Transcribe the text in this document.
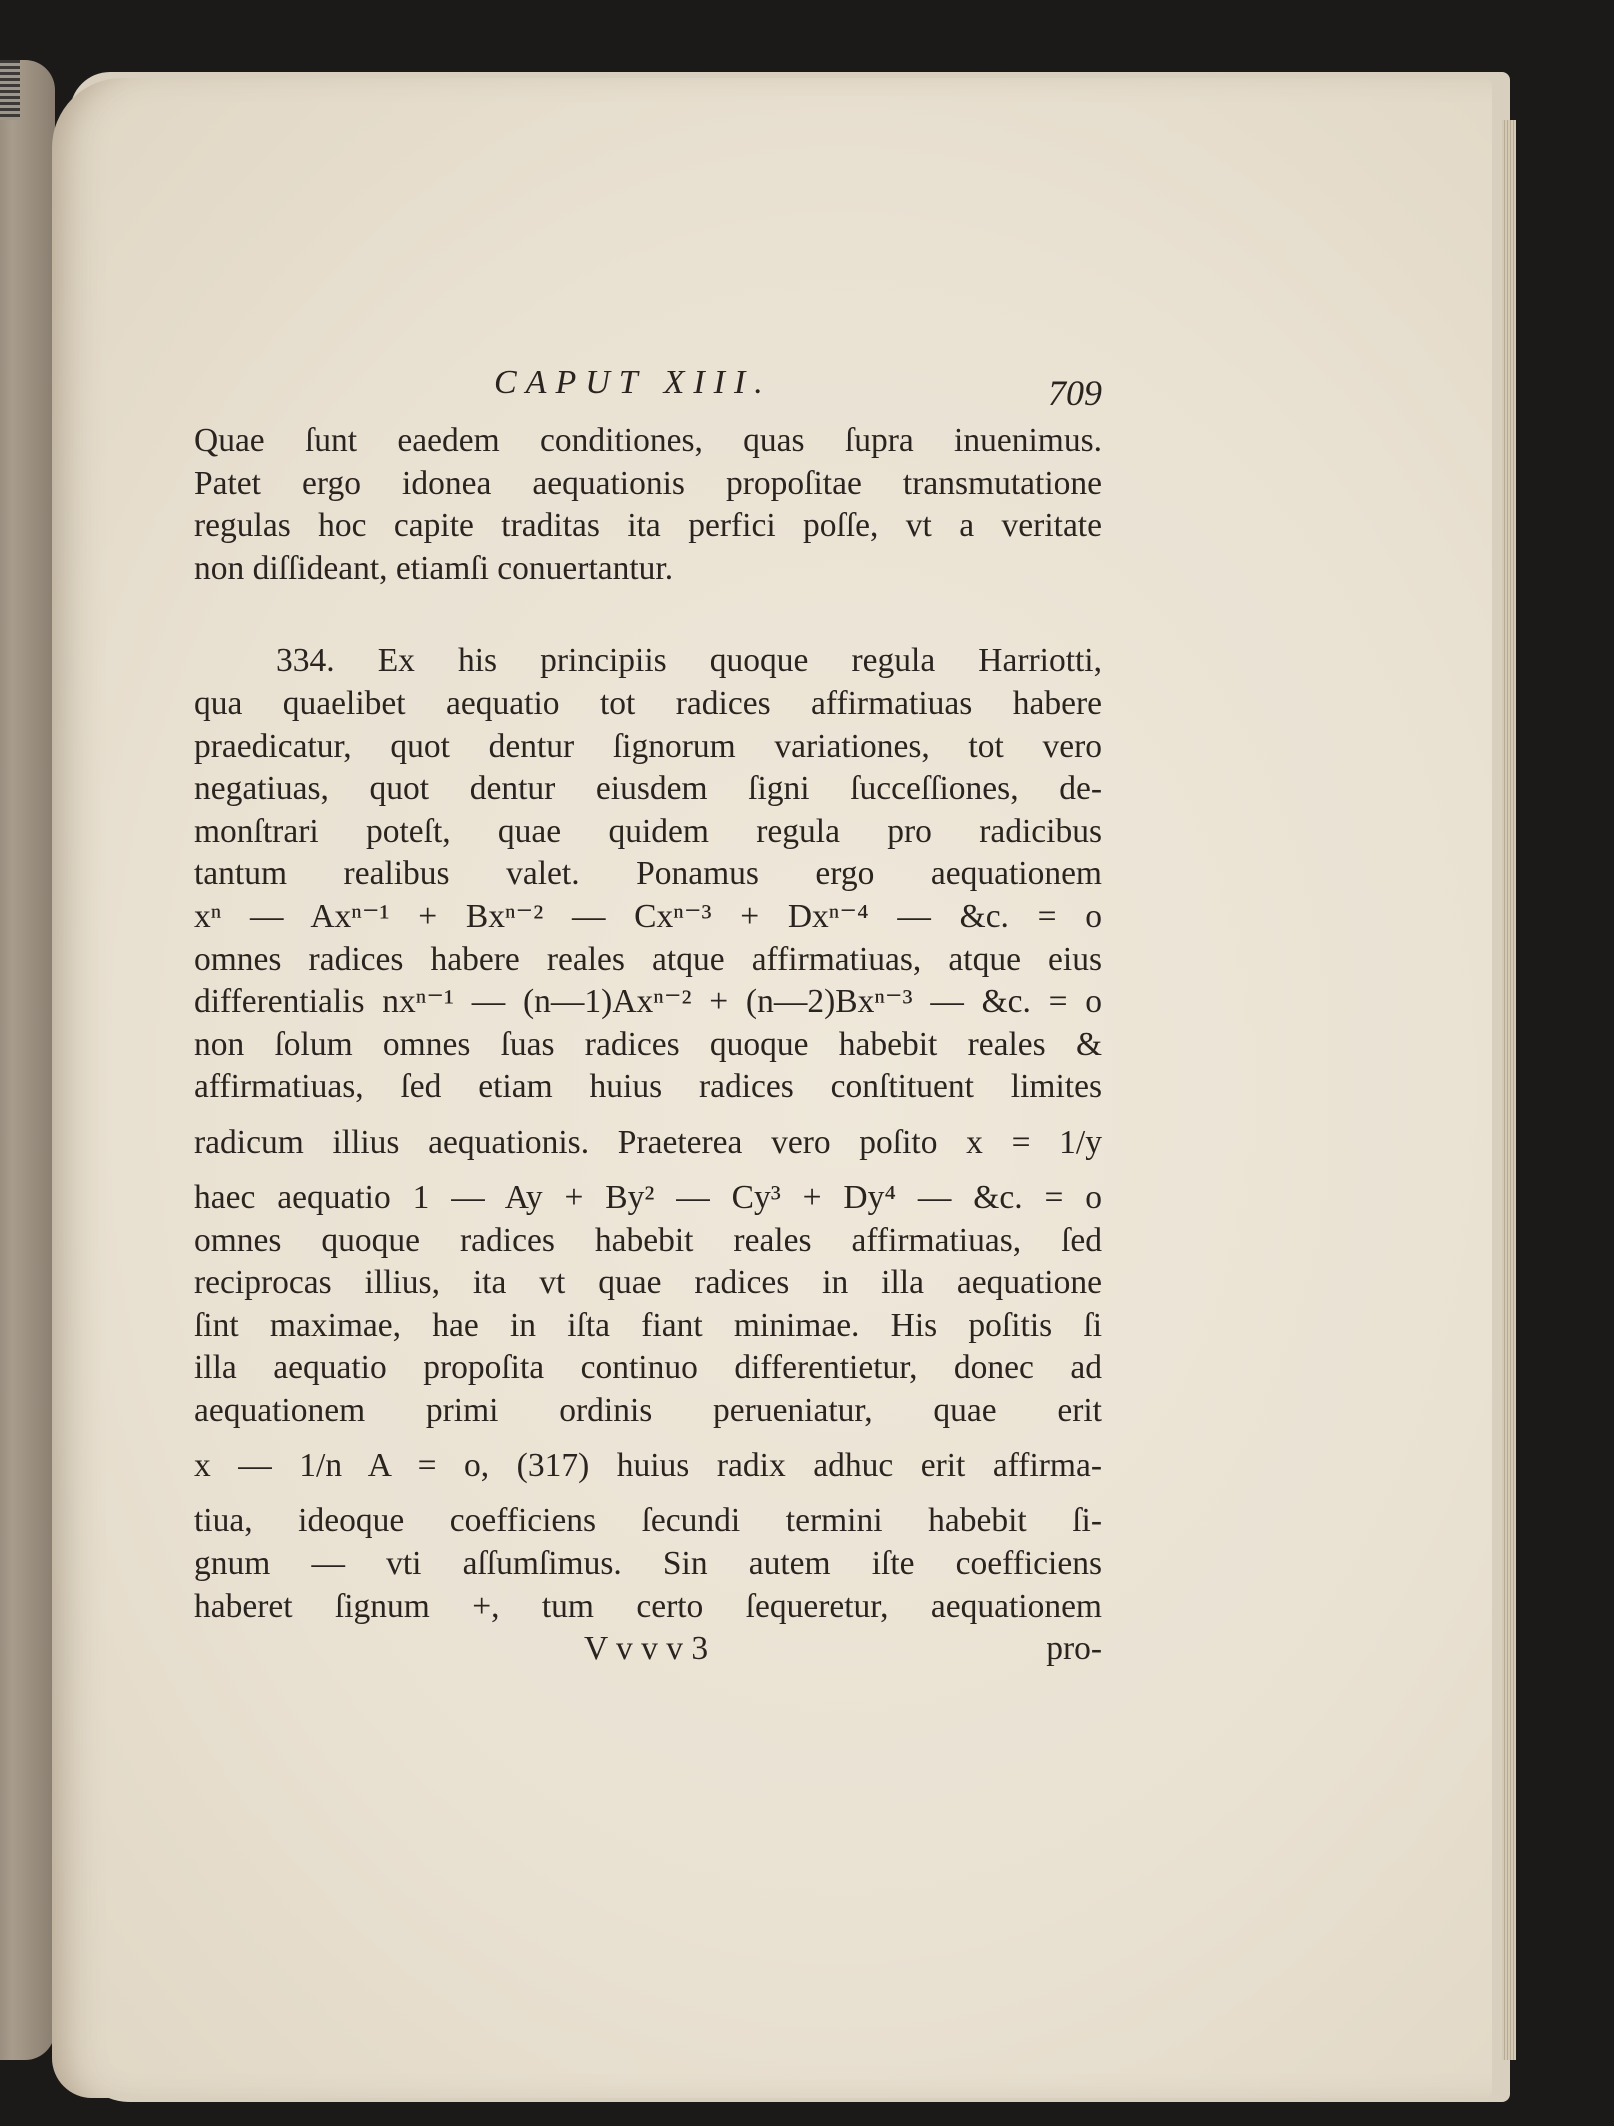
CAPUT XIII.	709
Quae ſunt eaedem conditiones, quas ſupra inuenimus.
Patet ergo idonea aequationis propoſitae transmutatione
regulas hoc capite traditas ita perfici poſſe, vt a veritate
non diſſideant, etiamſi conuertantur.
334. Ex his principiis quoque regula Harriotti,
qua quaelibet aequatio tot radices affirmatiuas habere
praedicatur, quot dentur ſignorum variationes, tot vero
negatiuas, quot dentur eiusdem ſigni ſucceſſiones, de-
monſtrari poteſt, quae quidem regula pro radicibus
tantum realibus valet. Ponamus ergo aequationem
xⁿ — Axⁿ⁻¹ + Bxⁿ⁻² — Cxⁿ⁻³ + Dxⁿ⁻⁴ — &c. = o
omnes radices habere reales atque affirmatiuas, atque eius
differentialis nxⁿ⁻¹ — (n—1)Axⁿ⁻² + (n—2)Bxⁿ⁻³ — &c. = o
non ſolum omnes ſuas radices quoque habebit reales &
affirmatiuas, ſed etiam huius radices conſtituent limites
radicum illius aequationis. Praeterea vero poſito x = 1/y
haec aequatio 1 — Ay + By² — Cy³ + Dy⁴ — &c. = o
omnes quoque radices habebit reales affirmatiuas, ſed
reciprocas illius, ita vt quae radices in illa aequatione
ſint maximae, hae in iſta fiant minimae. His poſitis ſi
illa aequatio propoſita continuo differentietur, donec ad
aequationem primi ordinis perueniatur, quae erit
x — 1/n A = o, (317) huius radix adhuc erit affirma-
tiua, ideoque coefficiens ſecundi termini habebit ſi-
gnum — vti aſſumſimus. Sin autem iſte coefficiens
haberet ſignum +, tum certo ſequeretur, aequationem
V v v v 3	pro-
